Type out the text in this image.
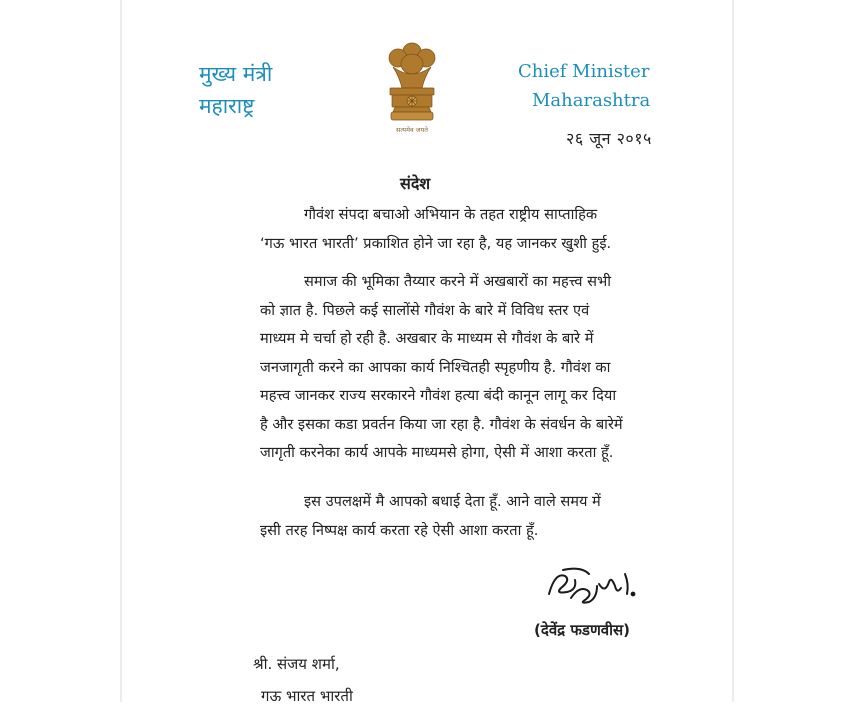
मुख्य मंत्री
महाराष्ट्र
सत्यमेव जयते
Chief Minister
Maharashtra
२६ जून २०१५
संदेश
गौवंश संपदा बचाओ अभियान के तहत राष्ट्रीय साप्ताहिक
‘गऊ भारत भारती’ प्रकाशित होने जा रहा है, यह जानकर खुशी हुई.
समाज की भूमिका तैय्यार करने में अखबारों का महत्त्व सभी
को ज्ञात है. पिछले कई सालोंसे गौवंश के बारे में विविध स्तर एवं
माध्यम मे चर्चा हो रही है. अखबार के माध्यम से गौवंश के बारे में
जनजागृती करने का आपका कार्य निश्चितही स्पृहणीय है. गौवंश का
महत्त्व जानकर राज्य सरकारने गौवंश हत्या बंदी कानून लागू कर दिया
है और इसका कडा प्रवर्तन किया जा रहा है. गौवंश के संवर्धन के बारेमें
जागृती करनेका कार्य आपके माध्यमसे होगा, ऐसी में आशा करता हूँ.
इस उपलक्षमें मै आपको बधाई देता हूँ. आने वाले समय में
इसी तरह निष्पक्ष कार्य करता रहे ऐसी आशा करता हूँ.
(देवेंद्र फडणवीस)
श्री. संजय शर्मा,
गऊ भारत भारती
